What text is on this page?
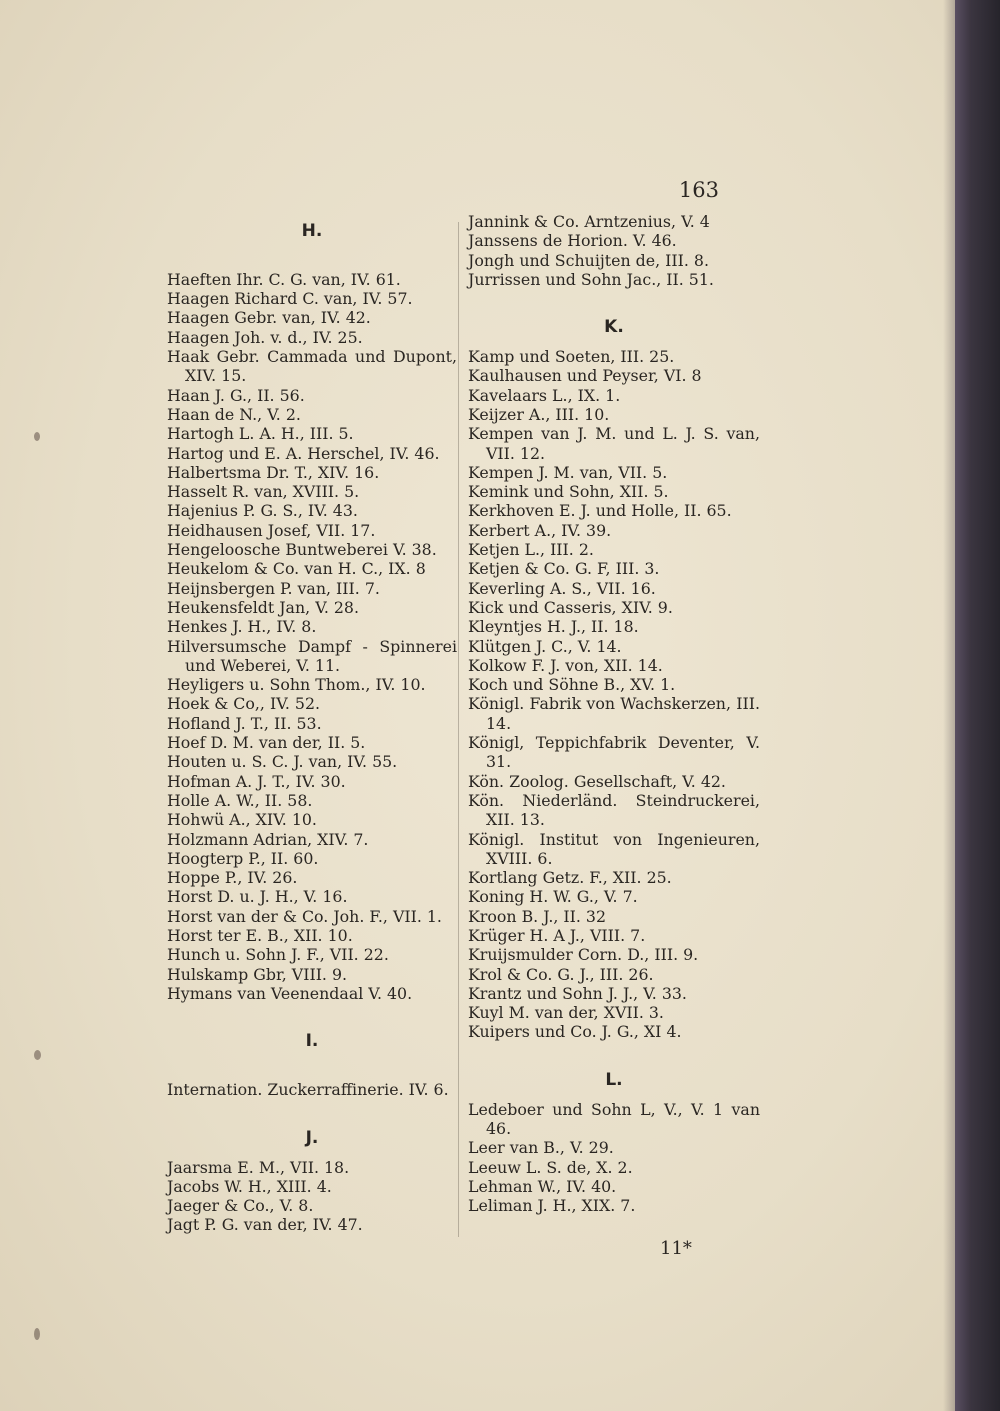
163
H.
Haeften Ihr. C. G. van, IV. 61.
Haagen Richard C. van, IV. 57.
Haagen Gebr. van, IV. 42.
Haagen Joh. v. d., IV. 25.
Haak Gebr. Cammada und Dupont, XIV. 15.
Haan J. G., II. 56.
Haan de N., V. 2.
Hartogh L. A. H., III. 5.
Hartog und E. A. Herschel, IV. 46.
Halbertsma Dr. T., XIV. 16.
Hasselt R. van, XVIII. 5.
Hajenius P. G. S., IV. 43.
Heidhausen Josef, VII. 17.
Hengeloosche Buntweberei V. 38.
Heukelom & Co. van H. C., IX. 8
Heijnsbergen P. van, III. 7.
Heukensfeldt Jan, V. 28.
Henkes J. H., IV. 8.
Hilversumsche Dampf - Spinnerei und Weberei, V. 11.
Heyligers u. Sohn Thom., IV. 10.
Hoek & Co,, IV. 52.
Hofland J. T., II. 53.
Hoef D. M. van der, II. 5.
Houten u. S. C. J. van, IV. 55.
Hofman A. J. T., IV. 30.
Holle A. W., II. 58.
Hohwü A., XIV. 10.
Holzmann Adrian, XIV. 7.
Hoogterp P., II. 60.
Hoppe P., IV. 26.
Horst D. u. J. H., V. 16.
Horst van der & Co. Joh. F., VII. 1.
Horst ter E. B., XII. 10.
Hunch u. Sohn J. F., VII. 22.
Hulskamp Gbr, VIII. 9.
Hymans van Veenendaal V. 40.
I.
Internation. Zuckerraffinerie. IV. 6.
J.
Jaarsma E. M., VII. 18.
Jacobs W. H., XIII. 4.
Jaeger & Co., V. 8.
Jagt P. G. van der, IV. 47.
Jannink & Co. Arntzenius, V. 4
Janssens de Horion. V. 46.
Jongh und Schuijten de, III. 8.
Jurrissen und Sohn Jac., II. 51.
K.
Kamp und Soeten, III. 25.
Kaulhausen und Peyser, VI. 8
Kavelaars L., IX. 1.
Keijzer A., III. 10.
Kempen van J. M. und L. J. S. van, VII. 12.
Kempen J. M. van, VII. 5.
Kemink und Sohn, XII. 5.
Kerkhoven E. J. und Holle, II. 65.
Kerbert A., IV. 39.
Ketjen L., III. 2.
Ketjen & Co. G. F, III. 3.
Keverling A. S., VII. 16.
Kick und Casseris, XIV. 9.
Kleyntjes H. J., II. 18.
Klütgen J. C., V. 14.
Kolkow F. J. von, XII. 14.
Koch und Söhne B., XV. 1.
Königl. Fabrik von Wachskerzen, III. 14.
Königl, Teppichfabrik Deventer, V. 31.
Kön. Zoolog. Gesellschaft, V. 42.
Kön. Niederländ. Steindruckerei, XII. 13.
Königl. Institut von Ingenieuren, XVIII. 6.
Kortlang Getz. F., XII. 25.
Koning H. W. G., V. 7.
Kroon B. J., II. 32
Krüger H. A J., VIII. 7.
Kruijsmulder Corn. D., III. 9.
Krol & Co. G. J., III. 26.
Krantz und Sohn J. J., V. 33.
Kuyl M. van der, XVII. 3.
Kuipers und Co. J. G., XI 4.
L.
Ledeboer und Sohn L, V., V. 1 van 46.
Leer van B., V. 29.
Leeuw L. S. de, X. 2.
Lehman W., IV. 40.
Leliman J. H., XIX. 7.
11*
